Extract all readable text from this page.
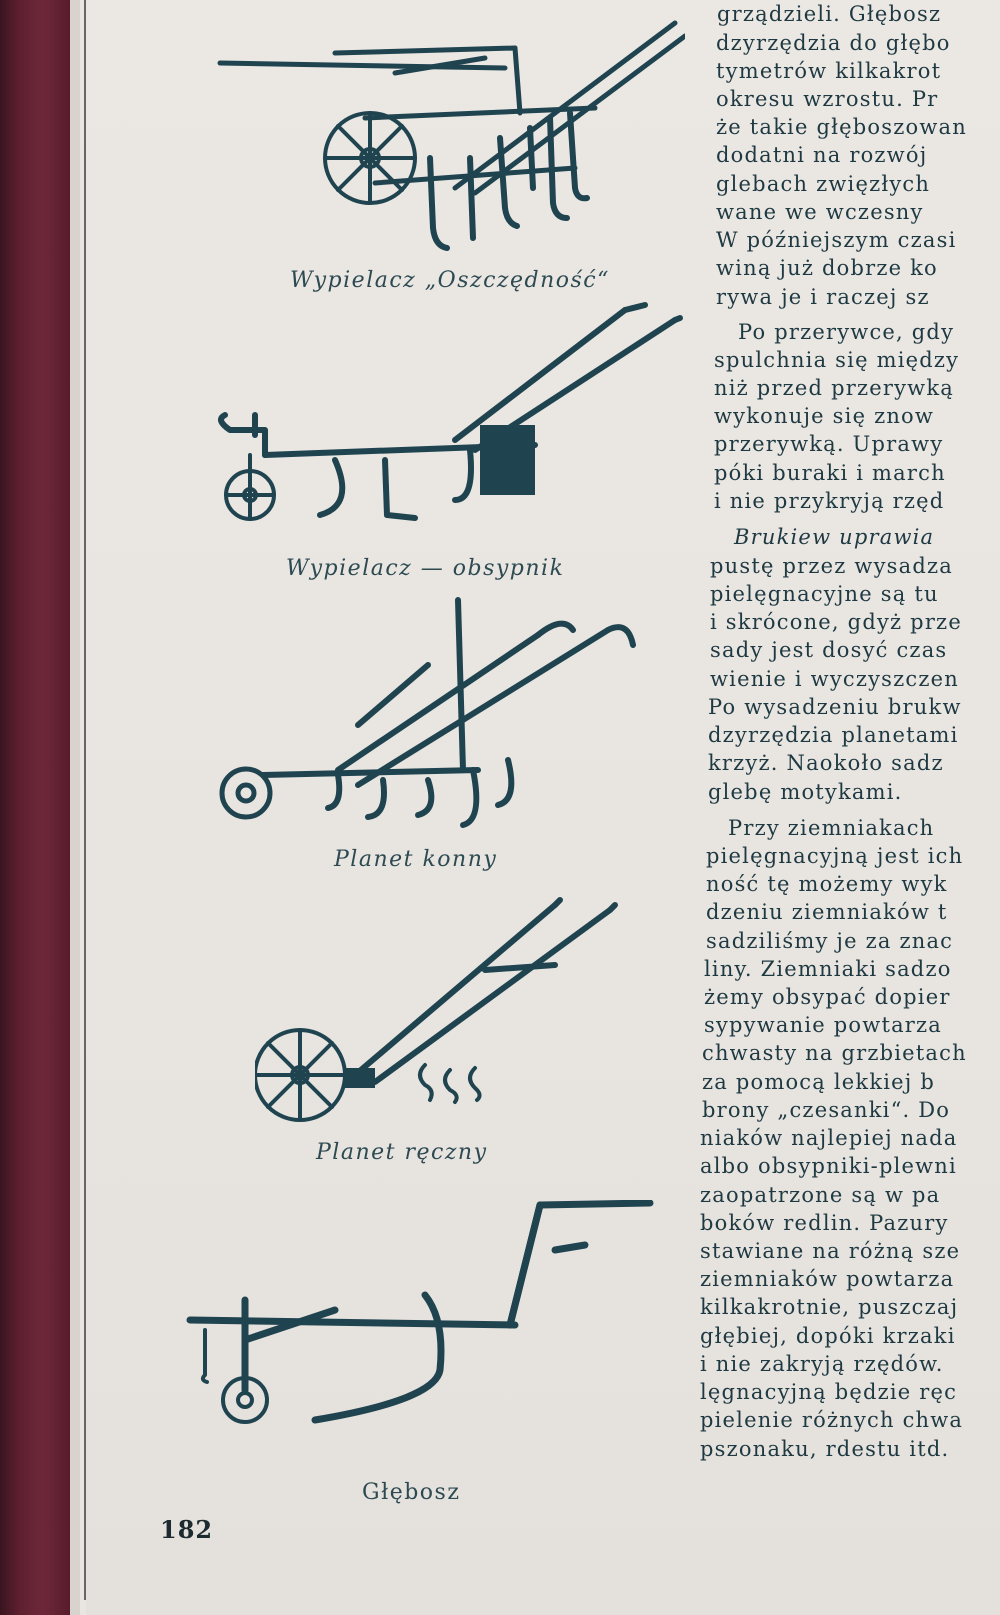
Wypielacz „Oszczędność“
Wypielacz — obsypnik
Planet konny
Planet ręczny
Głębosz
182
grządzieli. Głębosz
dzyrzędzia do głębo
tymetrów kilkakrot
okresu wzrostu. Pr
że takie głęboszowan
dodatni na rozwój
glebach zwięzłych
wane we wczesny
W późniejszym czasi
winą już dobrze ko
rywa je i raczej sz
Po przerywce, gdy
spulchnia się między
niż przed przerywką
wykonuje się znow
przerywką. Uprawy
póki buraki i march
i nie przykryją rzęd
Brukiew uprawia
pustę przez wysadza
pielęgnacyjne są tu
i skrócone, gdyż prze
sady jest dosyć czas
wienie i wyczyszczen
Po wysadzeniu brukw
dzyrzędzia planetami
krzyż. Naokoło sadz
glebę motykami.
Przy ziemniakach
pielęgnacyjną jest ich
ność tę możemy wyk
dzeniu ziemniaków t
sadziliśmy je za znac
liny. Ziemniaki sadzo
żemy obsypać dopier
sypywanie powtarza
chwasty na grzbietach
za pomocą lekkiej b
brony „czesanki“. Do
niaków najlepiej nada
albo obsypniki-plewni
zaopatrzone są w pa
boków redlin. Pazury
stawiane na różną sze
ziemniaków powtarza
kilkakrotnie, puszczaj
głębiej, dopóki krzaki
i nie zakryją rzędów.
lęgnacyjną będzie ręc
pielenie różnych chwa
pszonaku, rdestu itd.
